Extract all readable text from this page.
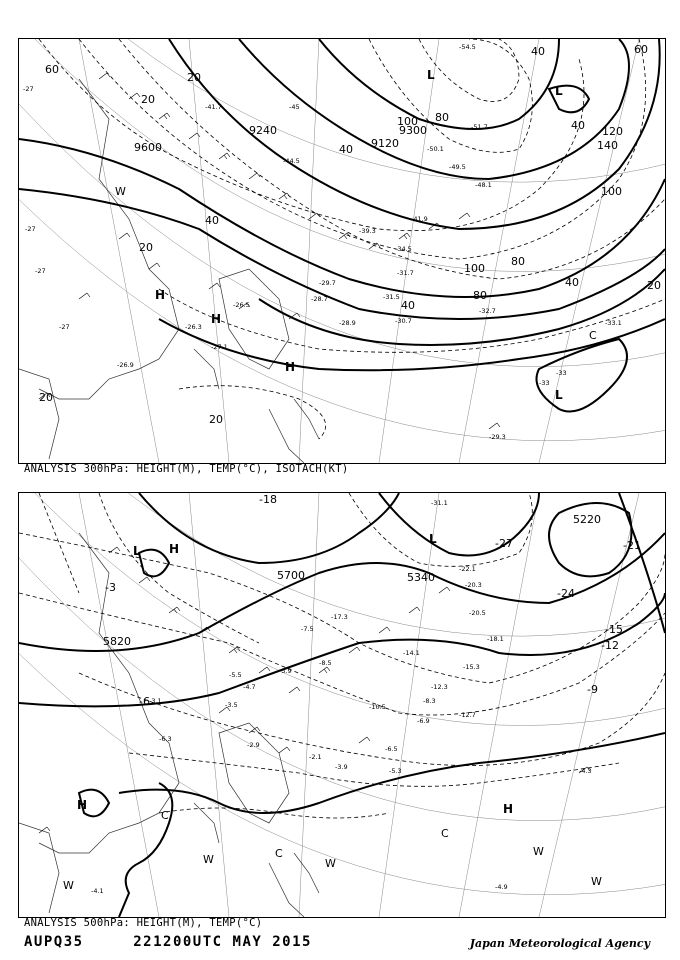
9600	9120
9300
9240
60
20
20
20
40
20
20
40
80
100
40
60
40
120
140
100
100
80
40
40
80
20
-27
-27
-27
-27
-33
-33
-41.7
-44.5
-45
-54.5
-51.7
-50.1
-49.5
-48.1
-41.9
-39.3
-34.5
-31.7
-31.5
-30.7
-32.7
-33.1
-28.9
-29.7
-29.3
-28.7
-26.5
-26.3
-27.1
-26.9
L
L
H
H
H
L
C
W
ANALYSIS 300hPa: HEIGHT(M), TEMP(°C), ISOTACH(KT)
5700	5340
5220
5820
-18
-27	-21
-24
-15
-12
-9
-6
-3
-31.1
-22.1
-20.3
-20.5
-18.1
-17.3
-15.3
-14.1
-12.3
-12.7
-10.5
-6.5
-5.3	-4.3
-3.9
-2.1
-3.5
-4.7
-6.3
-4.9
-4.1
-2.9
-5.5	-5.9
-3.1
-7.5
-8.5
-6.9
-8.3
L H
L
H
H
W	W
W
W
W
C
C
C
ANALYSIS 500hPa: HEIGHT(M), TEMP(°C)
AUPQ35	221200UTC MAY 2015	Japan Meteorological Agency
